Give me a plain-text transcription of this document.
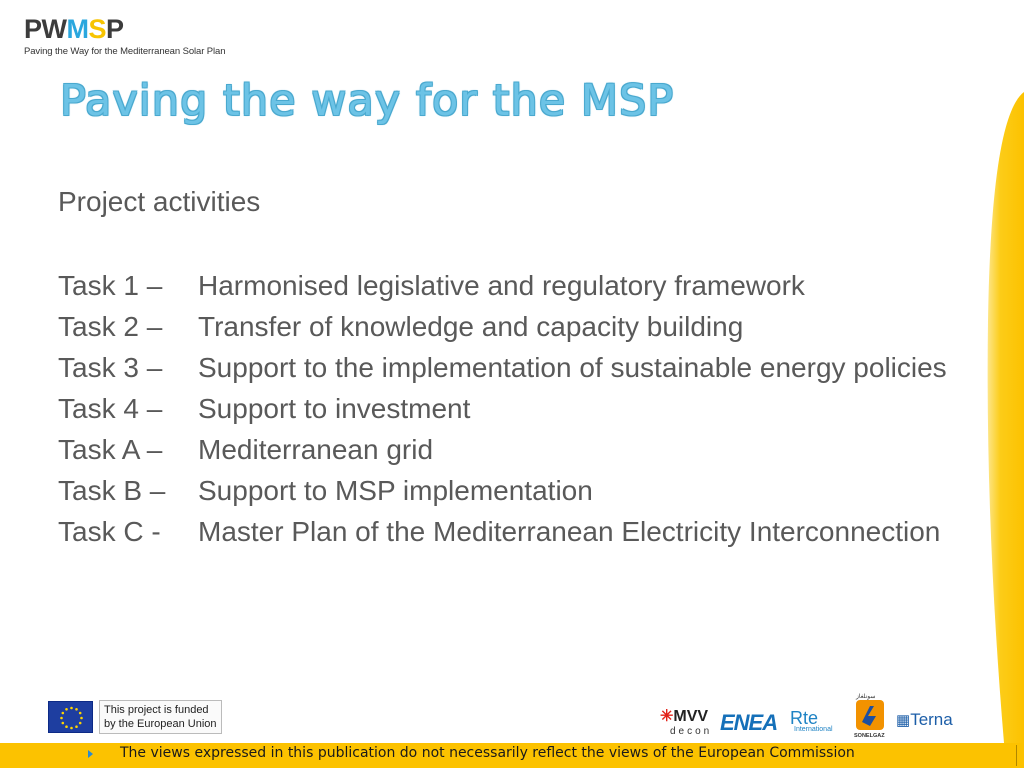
PWMSP
Paving the Way for the Mediterranean Solar Plan
Paving the way for the MSP
Project activities
Task 1 –	Harmonised legislative and regulatory framework
Task 2 –	Transfer of knowledge and capacity building
Task 3 –	Support to the implementation of sustainable energy policies
Task 4 –	Support to investment
Task A –	Mediterranean grid
Task B –	Support to MSP implementation
Task C -	Master Plan of the Mediterranean Electricity Interconnection
This project is funded
by the European Union	✳MVV
decon ENEA Rte
International
سونلغاز
SONELGAZ
▦Terna
The views expressed in this publication do not necessarily reflect the views of the European Commission
